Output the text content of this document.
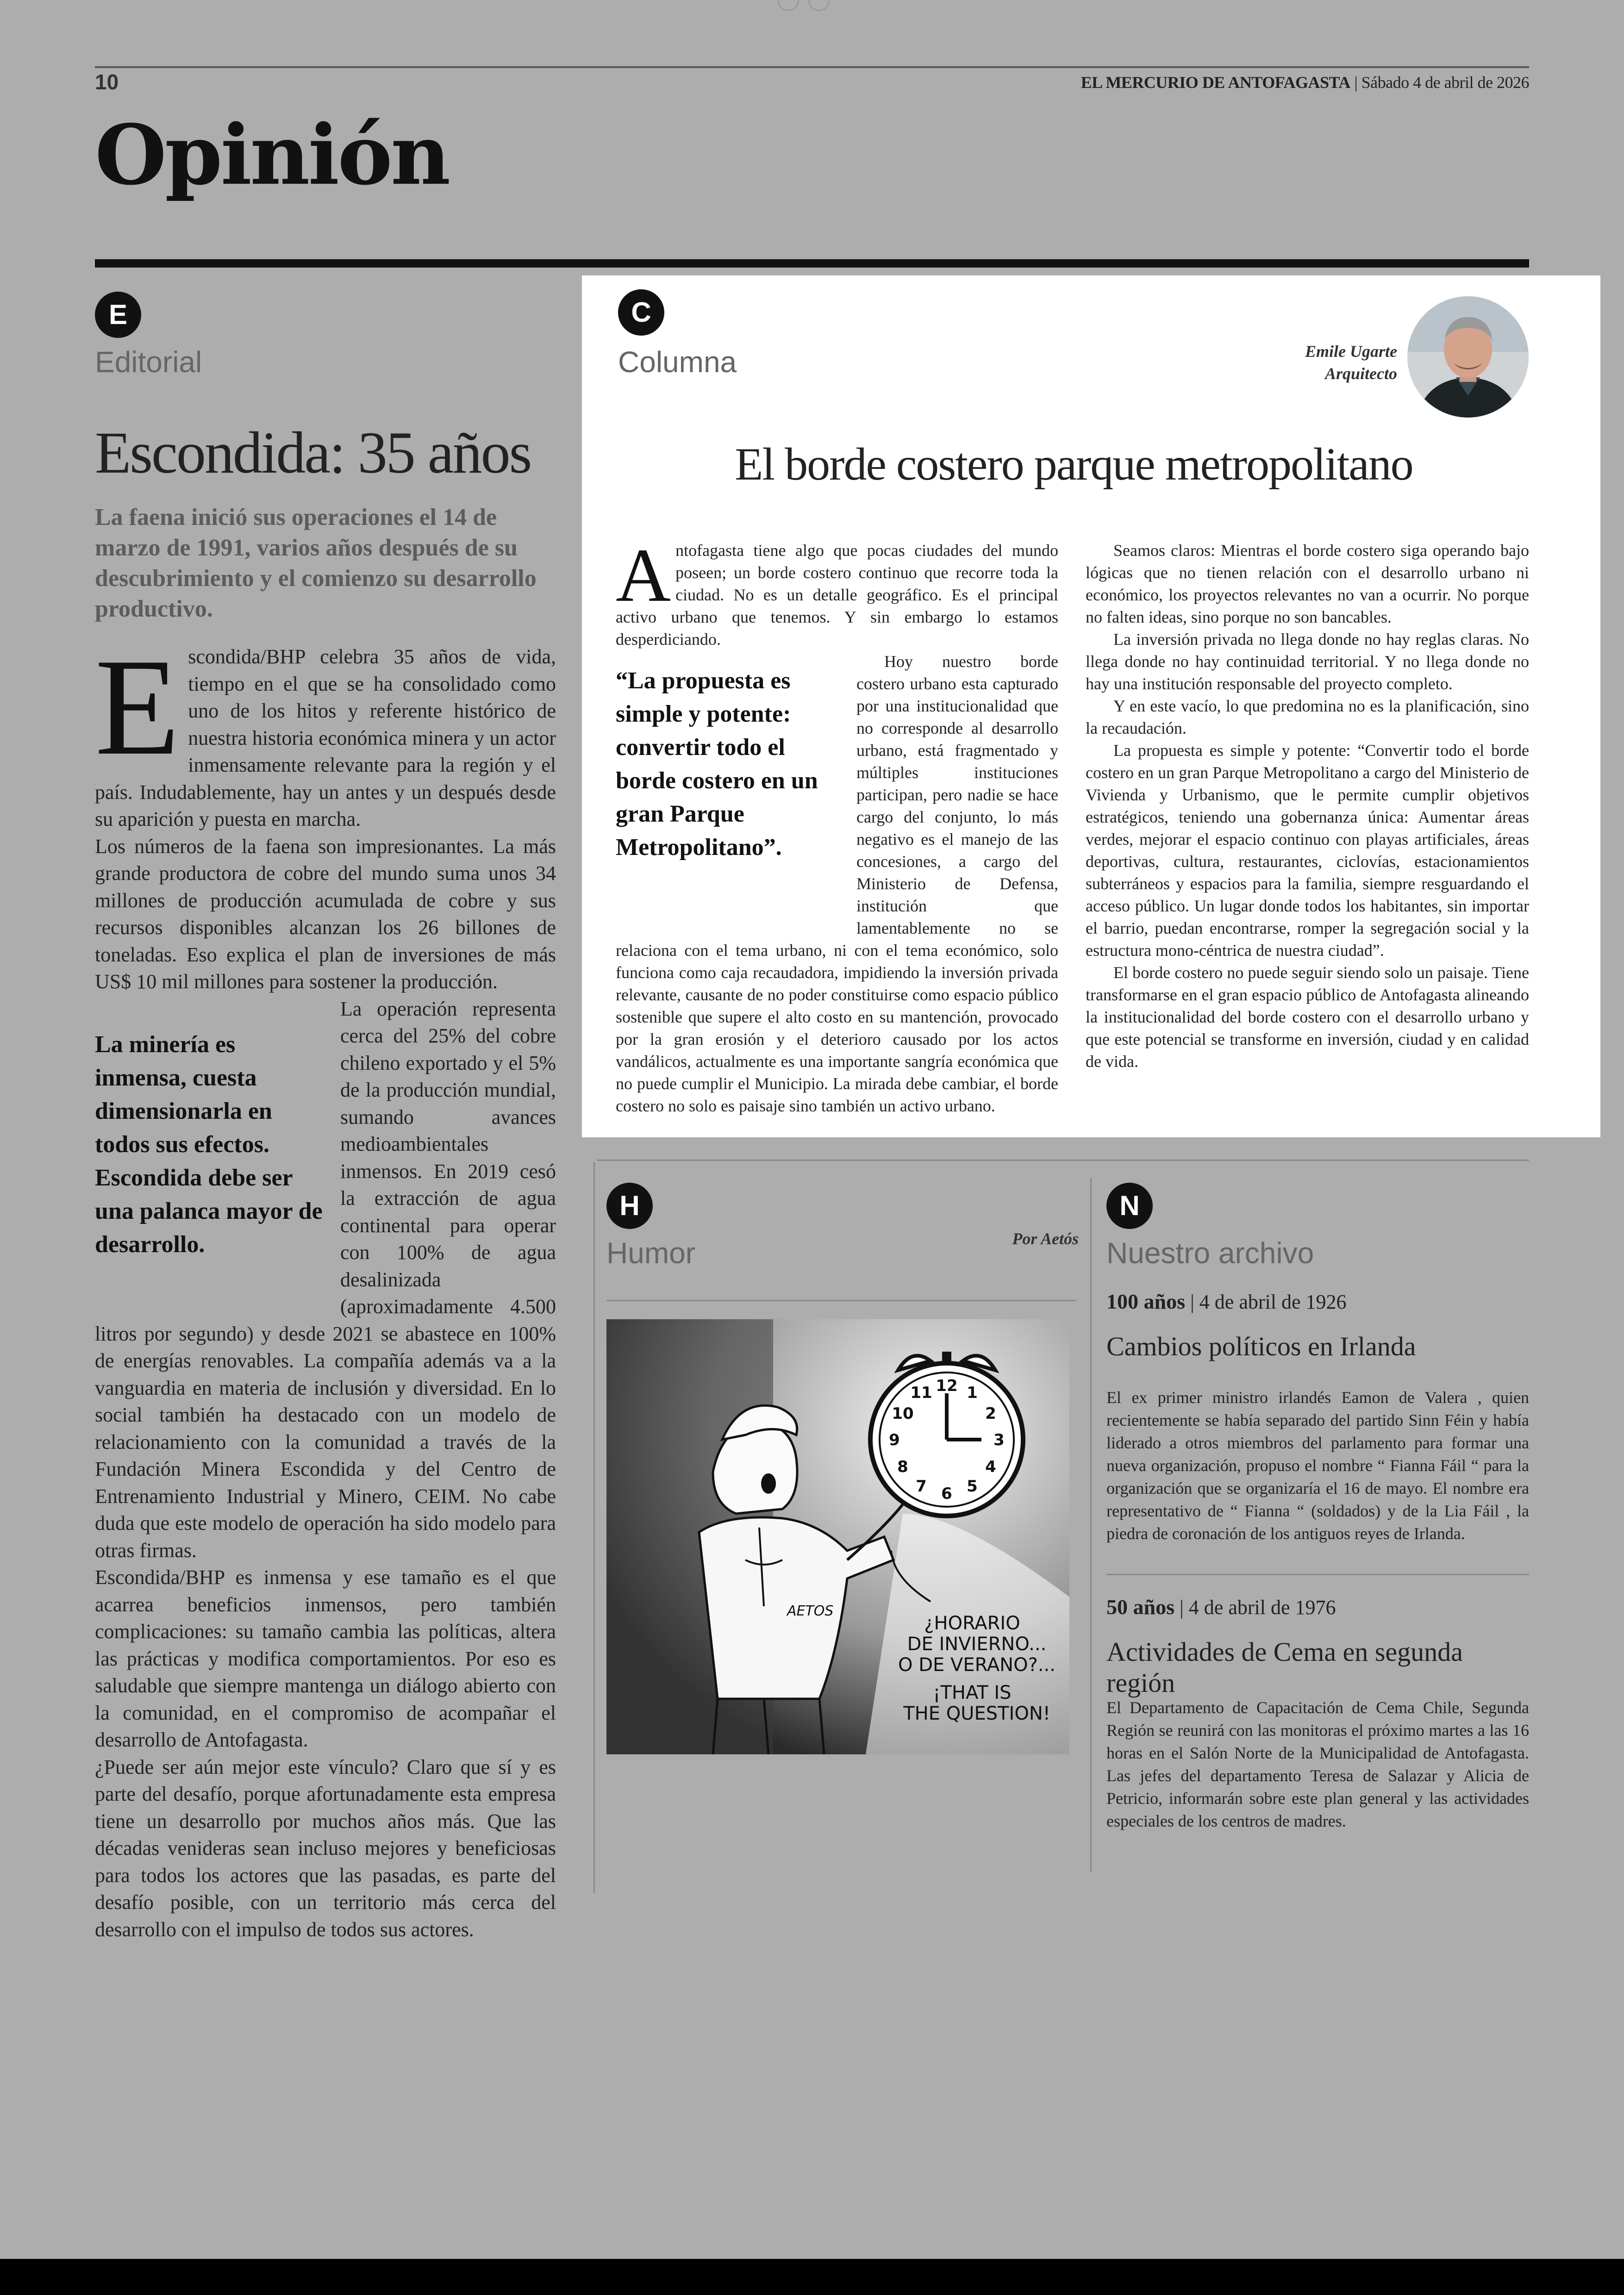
10	EL MERCURIO DE ANTOFAGASTA | Sábado 4 de abril de 2026
Opinión
E
Editorial
Escondida: 35 años
La faena inició sus operaciones el 14 de marzo de 1991, varios años después de su descubrimiento y el comienzo su desarrollo productivo.

Escondida/BHP celebra 35 años de vida, tiempo en el que se ha consolidado como uno de los hitos y referente histórico de nuestra historia económica minera y un actor inmensamente relevante para la región y el país. Indudablemente, hay un antes y un después desde su aparición y puesta en marcha.

Los números de la faena son impresionantes. La más grande productora de cobre del mundo suma unos 34 millones de producción acumulada de cobre y sus recursos disponibles alcanzan los 26 billones de toneladas. Eso explica el plan de inversiones de más US$ 10 mil millones para sostener la producción.

La minería es inmensa, cuesta dimensionarla en todos sus efectos. Escondida debe ser una palanca mayor de desarrollo.

La operación representa cerca del 25% del cobre chileno exportado y el 5% de la producción mundial, sumando avances medioambientales inmensos. En 2019 cesó la extracción de agua continental para operar con 100% de agua desalinizada (aproximadamente 4.500 litros por segundo) y desde 2021 se abastece en 100% de energías renovables. La compañía además va a la vanguardia en materia de inclusión y diversidad. En lo social también ha destacado con un modelo de relacionamiento con la comunidad a través de la Fundación Minera Escondida y del Centro de Entrenamiento Industrial y Minero, CEIM. No cabe duda que este modelo de operación ha sido modelo para otras firmas.

Escondida/BHP es inmensa y ese tamaño es el que acarrea beneficios inmensos, pero también complicaciones: su tamaño cambia las políticas, altera las prácticas y modifica comportamientos. Por eso es saludable que siempre mantenga un diálogo abierto con la comunidad, en el compromiso de acompañar el desarrollo de Antofagasta.

¿Puede ser aún mejor este vínculo? Claro que sí y es parte del desafío, porque afortunadamente esta empresa tiene un desarrollo por muchos años más. Que las décadas venideras sean incluso mejores y beneficiosas para todos los actores que las pasadas, es parte del desafío posible, con un territorio más cerca del desarrollo con el impulso de todos sus actores.

C
Columna	Emile Ugarte
Arquitecto
El borde costero parque metropolitano

Antofagasta tiene algo que pocas ciudades del mundo poseen; un borde costero continuo que recorre toda la ciudad. No es un detalle geográfico. Es el principal activo urbano que tenemos. Y sin embargo lo estamos desperdiciando.

“La propuesta es simple y potente: convertir todo el borde costero en un gran Parque Metropolitano”.

Hoy nuestro borde costero urbano esta capturado por una institucionalidad que no corresponde al desarrollo urbano, está fragmentado y múltiples instituciones participan, pero nadie se hace cargo del conjunto, lo más negativo es el manejo de las concesiones, a cargo del Ministerio de Defensa, institución que lamentablemente no se relaciona con el tema urbano, ni con el tema económico, solo funciona como caja recaudadora, impidiendo la inversión privada relevante, causante de no poder constituirse como espacio público sostenible que supere el alto costo en su mantención, provocado por la gran erosión y el deterioro causado por los actos vandálicos, actualmente es una importante sangría económica que no puede cumplir el Municipio. La mirada debe cambiar, el borde costero no solo es paisaje sino también un activo urbano.

Seamos claros: Mientras el borde costero siga operando bajo lógicas que no tienen relación con el desarrollo urbano ni económico, los proyectos relevantes no van a ocurrir. No porque no falten ideas, sino porque no son bancables.

La inversión privada no llega donde no hay reglas claras. No llega donde no hay continuidad territorial. Y no llega donde no hay una institución responsable del proyecto completo.

Y en este vacío, lo que predomina no es la planificación, sino la recaudación.

La propuesta es simple y potente: “Convertir todo el borde costero en un gran Parque Metropolitano a cargo del Ministerio de Vivienda y Urbanismo, que le permite cumplir objetivos estratégicos, teniendo una gobernanza única: Aumentar áreas verdes, mejorar el espacio continuo con playas artificiales, áreas deportivas, cultura, restaurantes, ciclovías, estacionamientos subterráneos y espacios para la familia, siempre resguardando el acceso público. Un lugar donde todos los habitantes, sin importar el barrio, puedan encontrarse, romper la segregación social y la estructura mono-céntrica de nuestra ciudad”.

El borde costero no puede seguir siendo solo un paisaje. Tiene transformarse en el gran espacio público de Antofagasta alineando la institucionalidad del borde costero con el desarrollo urbano y que este potencial se transforme en inversión, ciudad y en calidad de vida.

H
Humor	Por Aetós
12 1
2
3
4
5
6
7
8
9
10
11
AETOS
¿HORARIO
DE INVIERNO...
O DE VERANO?...
¡THAT IS
THE QUESTION!
N
Nuestro archivo
100 años | 4 de abril de 1926
Cambios políticos en Irlanda
El ex primer ministro irlandés Eamon de Valera , quien recientemente se había separado del partido Sinn Féin y había liderado a otros miembros del parlamento para formar una nueva organización, propuso el nombre “ Fianna Fáil “ para la organización que se organizaría el 16 de mayo. El nombre era representativo de “ Fianna “ (soldados) y de la Lia Fáil , la piedra de coronación de los antiguos reyes de Irlanda.
50 años | 4 de abril de 1976
Actividades de Cema en segunda región
El Departamento de Capacitación de Cema Chile, Segunda Región se reunirá con las monitoras el próximo martes a las 16 horas en el Salón Norte de la Municipalidad de Antofagasta. Las jefes del departamento Teresa de Salazar y Alicia de Petricio, informarán sobre este plan general y las actividades especiales de los centros de madres.
